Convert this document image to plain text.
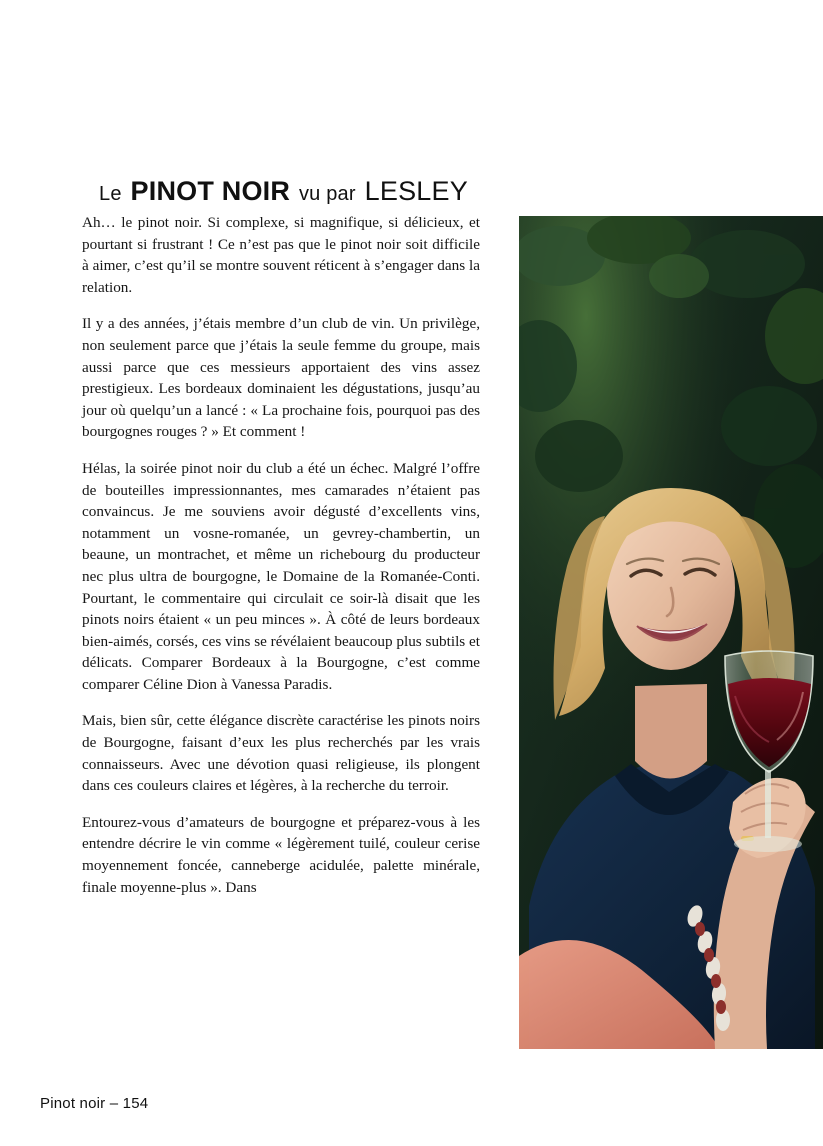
Le PINOT NOIR vu par LESLEY

Ah… le pinot noir. Si complexe, si magnifique, si délicieux, et pourtant si frustrant ! Ce n’est pas que le pinot noir soit difficile à aimer, c’est qu’il se montre souvent réticent à s’engager dans la relation.

Il y a des années, j’étais membre d’un club de vin. Un privilège, non seulement parce que j’étais la seule femme du groupe, mais aussi parce que ces messieurs apportaient des vins assez prestigieux. Les bordeaux dominaient les dégustations, jusqu’au jour où quelqu’un a lancé : « La prochaine fois, pourquoi pas des bourgognes rouges ? » Et comment !

Hélas, la soirée pinot noir du club a été un échec. Malgré l’offre de bouteilles impressionnantes, mes camarades n’étaient pas convaincus. Je me souviens avoir dégusté d’excellents vins, notamment un vosne-romanée, un gevrey-chambertin, un beaune, un montrachet, et même un richebourg du producteur nec plus ultra de bourgogne, le Domaine de la Romanée-Conti. Pourtant, le commentaire qui circulait ce soir-là disait que les pinots noirs étaient « un peu minces ». À côté de leurs bordeaux bien-aimés, corsés, ces vins se révélaient beaucoup plus subtils et délicats. Comparer Bordeaux à la Bourgogne, c’est comme comparer Céline Dion à Vanessa Paradis.

Mais, bien sûr, cette élégance discrète caractérise les pinots noirs de Bourgogne, faisant d’eux les plus recherchés par les vrais connaisseurs. Avec une dévotion quasi religieuse, ils plongent dans ces couleurs claires et légères, à la recherche du terroir.

Entourez-vous d’amateurs de bourgogne et préparez-vous à les entendre décrire le vin comme « légèrement tuilé, couleur cerise moyennement foncée, canneberge acidulée, palette minérale, finale moyenne-plus ». Dans

Pinot noir – 154
